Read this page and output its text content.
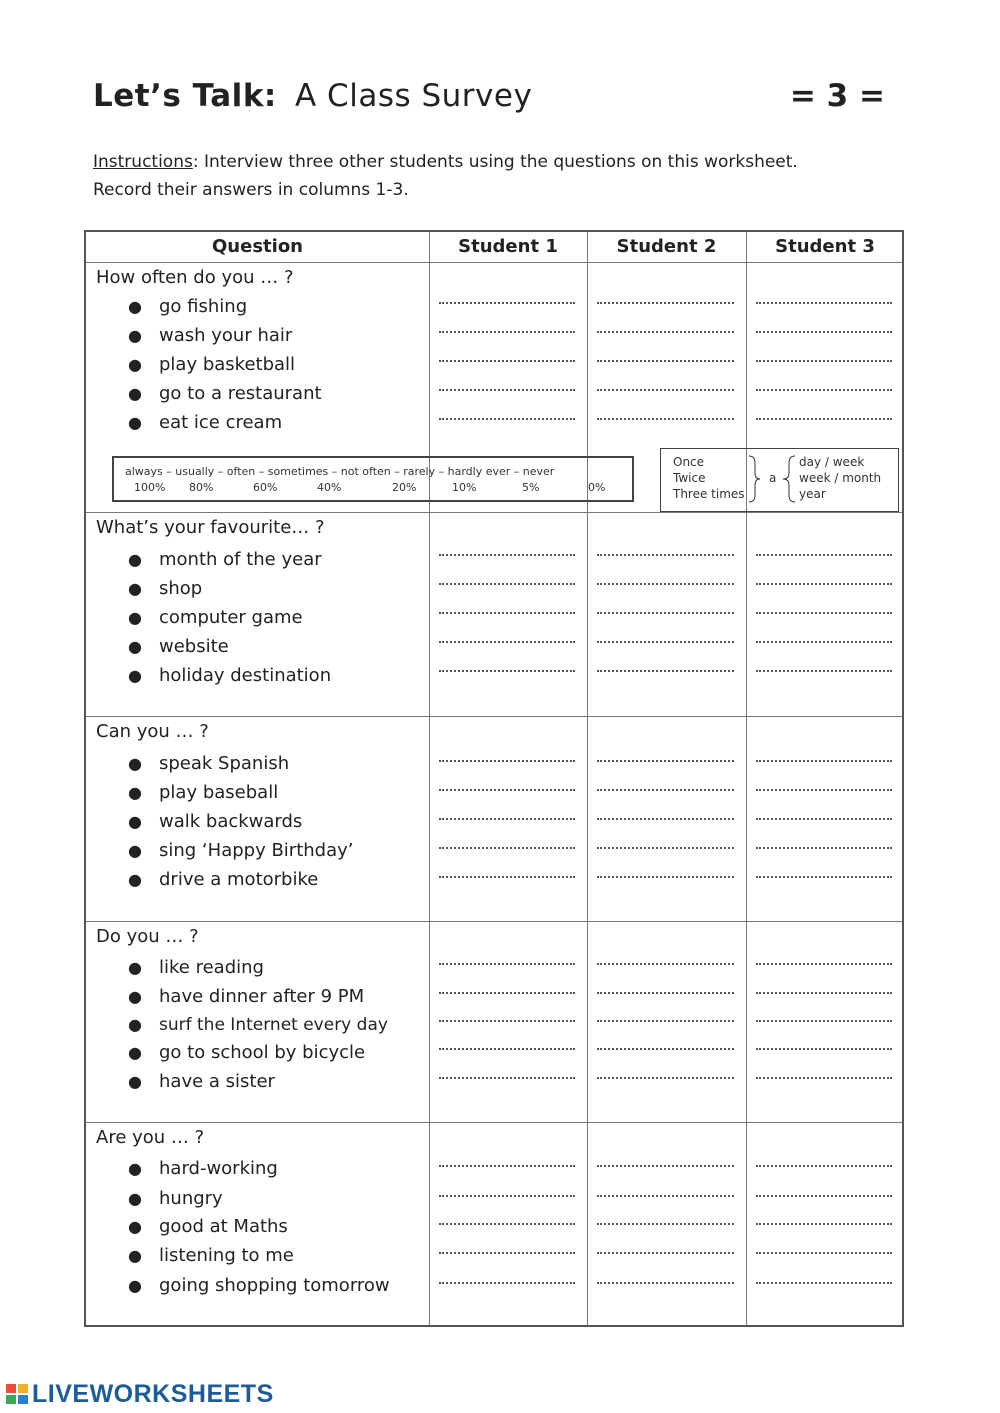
Let’s Talk: A Class Survey	= 3 =
Instructions: Interview three other students using the questions on this worksheet.
Record their answers in columns 1-3.
Question	Student 1	Student 2	Student 3
How often do you … ?
● go fishing
● wash your hair
● play basketball
● go to a restaurant
● eat ice cream
always – usually – often – sometimes – not often – rarely – hardly ever – never
100% 80%	60%	40%	20%	10%	5%	0%
Once
Twice
Three times
a
day / week
week / month
year
What’s your favourite… ?
● month of the year
● shop
● computer game
● website
● holiday destination
Can you … ?
● speak Spanish
● play baseball
● walk backwards
● sing ‘Happy Birthday’
● drive a motorbike
Do you … ?
● like reading
● have dinner after 9 PM
● surf the Internet every day
● go to school by bicycle
● have a sister
Are you … ?
● hard-working
● hungry
● good at Maths
● listening to me
● going shopping tomorrow
LIVEWORKSHEETS
